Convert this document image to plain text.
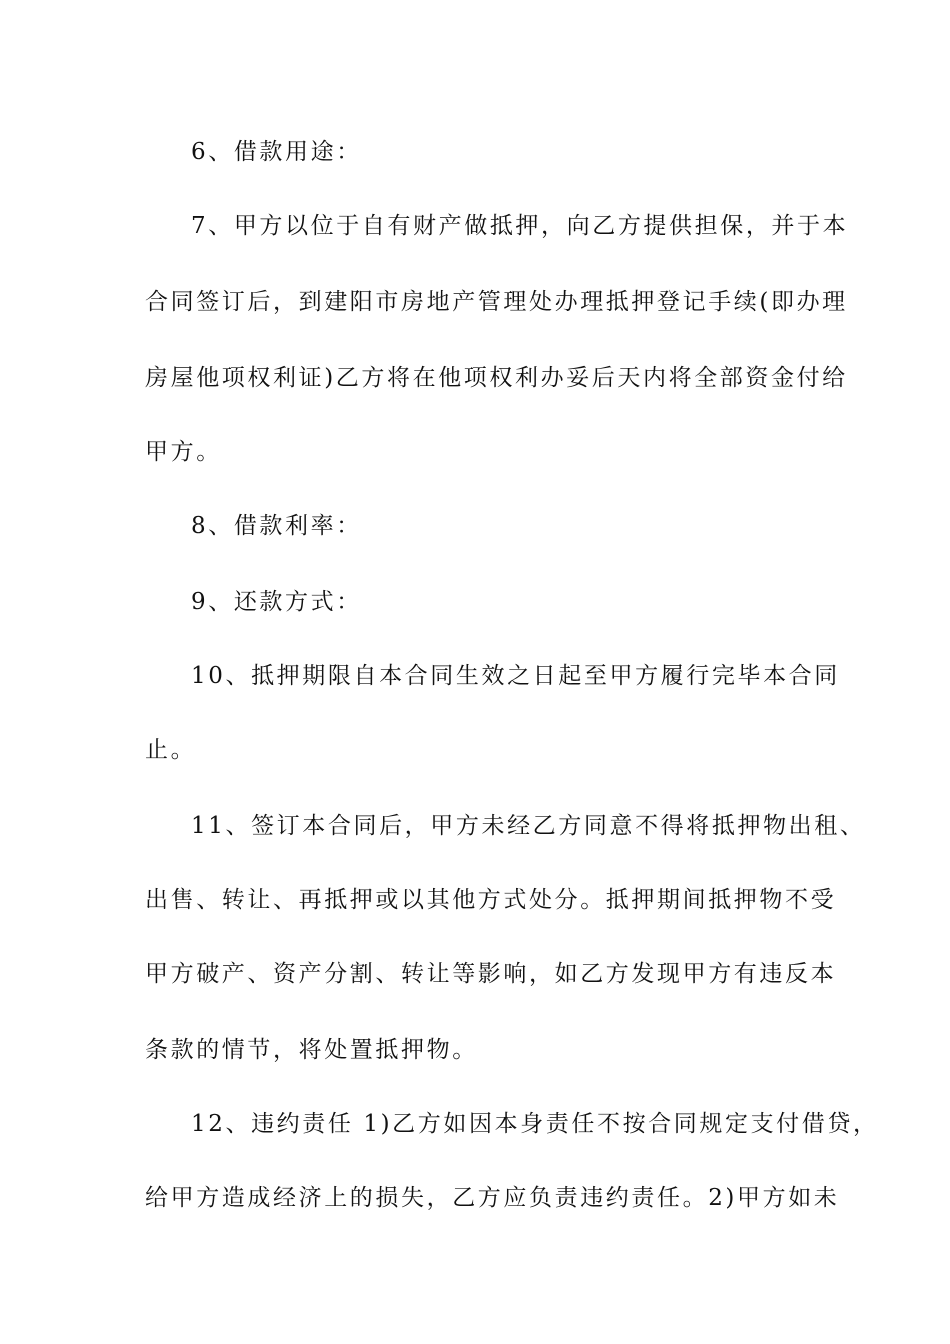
6、借款用途：

7、甲方以位于自有财产做抵押，向乙方提供担保，并于本

合同签订后，到建阳市房地产管理处办理抵押登记手续(即办理

房屋他项权利证)乙方将在他项权利办妥后天内将全部资金付给

甲方。

8、借款利率：

9、还款方式：

10、抵押期限自本合同生效之日起至甲方履行完毕本合同

止。

11、签订本合同后，甲方未经乙方同意不得将抵押物出租、

出售、转让、再抵押或以其他方式处分。抵押期间抵押物不受

甲方破产、资产分割、转让等影响，如乙方发现甲方有违反本

条款的情节，将处置抵押物。

12、违约责任 1)乙方如因本身责任不按合同规定支付借贷，

给甲方造成经济上的损失，乙方应负责违约责任。2)甲方如未
